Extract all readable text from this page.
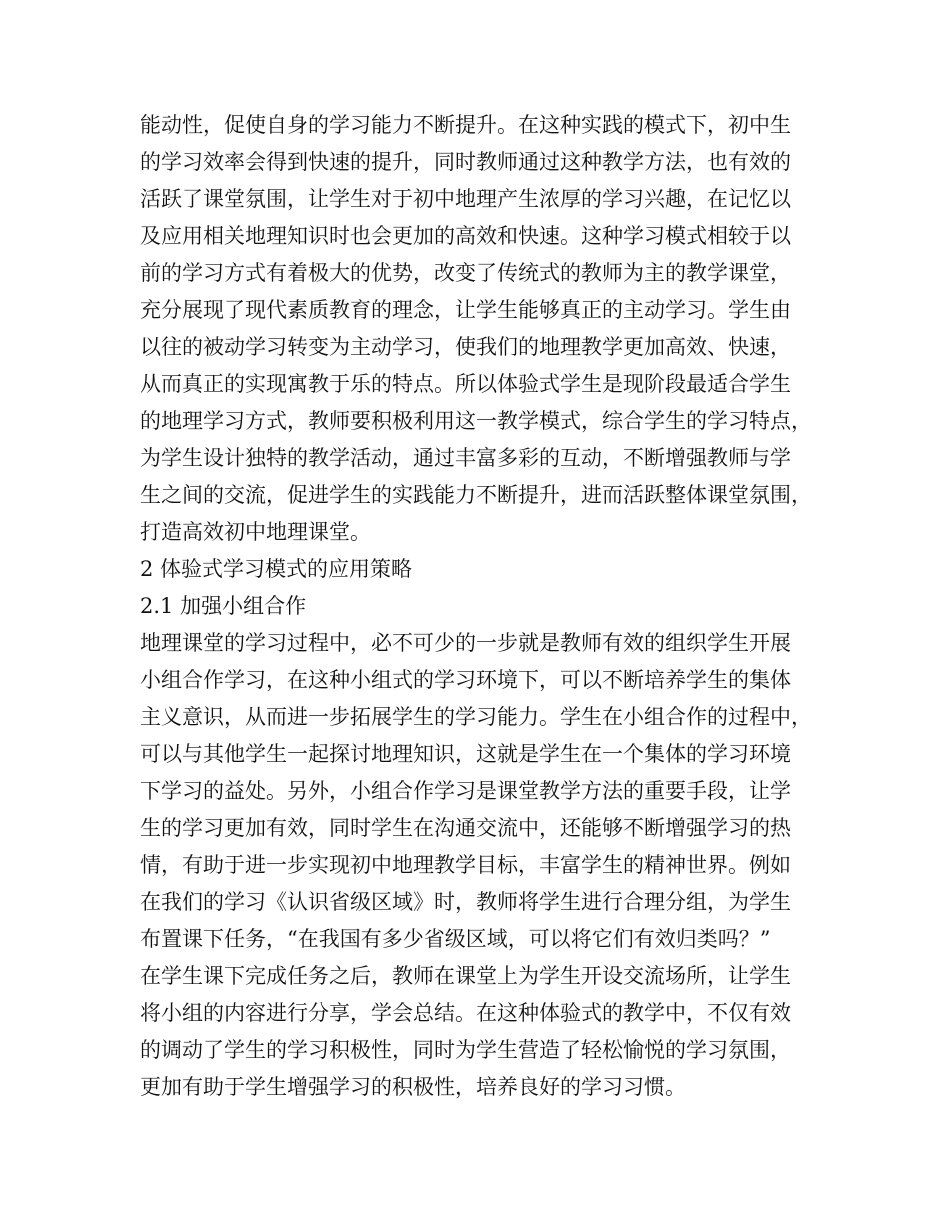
能动性，促使自身的学习能力不断提升。在这种实践的模式下，初中生
的学习效率会得到快速的提升，同时教师通过这种教学方法，也有效的
活跃了课堂氛围，让学生对于初中地理产生浓厚的学习兴趣，在记忆以
及应用相关地理知识时也会更加的高效和快速。这种学习模式相较于以
前的学习方式有着极大的优势，改变了传统式的教师为主的教学课堂，
充分展现了现代素质教育的理念，让学生能够真正的主动学习。学生由
以往的被动学习转变为主动学习，使我们的地理教学更加高效、快速，
从而真正的实现寓教于乐的特点。所以体验式学生是现阶段最适合学生
的地理学习方式，教师要积极利用这一教学模式，综合学生的学习特点，
为学生设计独特的教学活动，通过丰富多彩的互动，不断增强教师与学
生之间的交流，促进学生的实践能力不断提升，进而活跃整体课堂氛围，
打造高效初中地理课堂。
2 体验式学习模式的应用策略
2.1 加强小组合作
地理课堂的学习过程中，必不可少的一步就是教师有效的组织学生开展
小组合作学习，在这种小组式的学习环境下，可以不断培养学生的集体
主义意识，从而进一步拓展学生的学习能力。学生在小组合作的过程中，
可以与其他学生一起探讨地理知识，这就是学生在一个集体的学习环境
下学习的益处。另外，小组合作学习是课堂教学方法的重要手段，让学
生的学习更加有效，同时学生在沟通交流中，还能够不断增强学习的热
情，有助于进一步实现初中地理教学目标，丰富学生的精神世界。例如
在我们的学习《认识省级区域》时，教师将学生进行合理分组，为学生
布置课下任务，“在我国有多少省级区域，可以将它们有效归类吗？”
在学生课下完成任务之后，教师在课堂上为学生开设交流场所，让学生
将小组的内容进行分享，学会总结。在这种体验式的教学中，不仅有效
的调动了学生的学习积极性，同时为学生营造了轻松愉悦的学习氛围，
更加有助于学生增强学习的积极性，培养良好的学习习惯。
